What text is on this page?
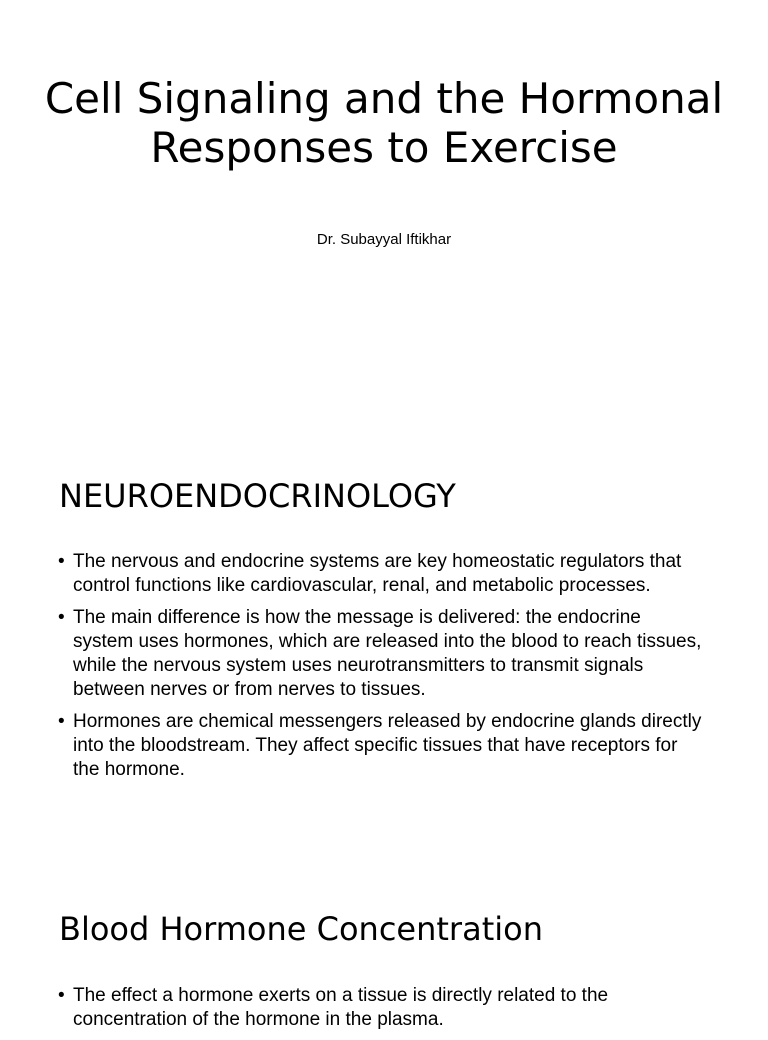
Cell Signaling and the Hormonal Responses to Exercise

Dr. Subayyal Iftikhar

NEUROENDOCRINOLOGY
• The nervous and endocrine systems are key homeostatic regulators that control functions like cardiovascular, renal, and metabolic processes.
• The main difference is how the message is delivered: the endocrine system uses hormones, which are released into the blood to reach tissues, while the nervous system uses neurotransmitters to transmit signals between nerves or from nerves to tissues.
• Hormones are chemical messengers released by endocrine glands directly into the bloodstream. They affect specific tissues that have receptors for the hormone.
Blood Hormone Concentration
• The effect a hormone exerts on a tissue is directly related to the concentration of the hormone in the plasma.
